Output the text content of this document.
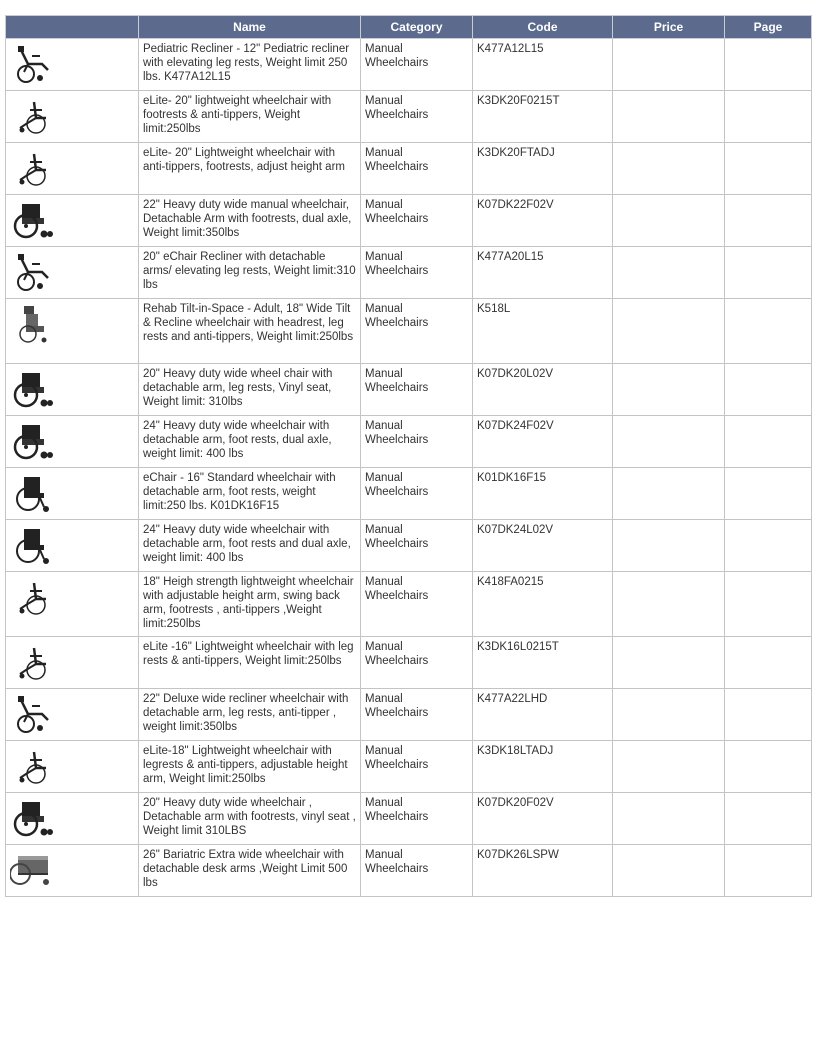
	Name	Category	Code	Price	Page

	Pediatric Recliner - 12" Pediatric recliner with elevating leg rests, Weight limit 250 lbs. K477A12L15	Manual Wheelchairs	K477A12L15		

	eLite- 20" lightweight wheelchair with footrests & anti-tippers, Weight limit:250lbs	Manual Wheelchairs	K3DK20F0215T		

	eLite- 20" Lightweight wheelchair with anti-tippers, footrests, adjust height arm	Manual Wheelchairs	K3DK20FTADJ		

	22" Heavy duty wide manual wheelchair, Detachable Arm with footrests, dual axle, Weight limit:350lbs	Manual Wheelchairs	K07DK22F02V		

	20" eChair Recliner with detachable arms/ elevating leg rests, Weight limit:310 lbs	Manual Wheelchairs	K477A20L15		

	Rehab Tilt-in-Space - Adult, 18" Wide Tilt & Recline wheelchair with headrest, leg rests and anti-tippers, Weight limit:250lbs	Manual Wheelchairs	K518L		

	20" Heavy duty wide wheel chair with detachable arm, leg rests, Vinyl seat, Weight limit: 310lbs	Manual Wheelchairs	K07DK20L02V		

	24" Heavy duty wide wheelchair with detachable arm, foot rests, dual axle, weight limit: 400 lbs	Manual Wheelchairs	K07DK24F02V		

	eChair - 16" Standard wheelchair with detachable arm, foot rests, weight limit:250 lbs. K01DK16F15	Manual Wheelchairs	K01DK16F15		

	24" Heavy duty wide wheelchair with detachable arm, foot rests and dual axle, weight limit: 400 lbs	Manual Wheelchairs	K07DK24L02V		

	18" Heigh strength lightweight wheelchair with adjustable height arm, swing back arm, footrests , anti-tippers ,Weight limit:250lbs	Manual Wheelchairs	K418FA0215		

	eLite -16" Lightweight wheelchair with leg rests & anti-tippers, Weight limit:250lbs	Manual Wheelchairs	K3DK16L0215T		

	22" Deluxe wide recliner wheelchair with detachable arm, leg rests, anti-tipper , weight limit:350lbs	Manual Wheelchairs	K477A22LHD		

	eLite-18" Lightweight wheelchair with legrests & anti-tippers, adjustable height arm, Weight limit:250lbs	Manual Wheelchairs	K3DK18LTADJ		

	20" Heavy duty wide wheelchair , Detachable arm with footrests, vinyl seat , Weight limit 310LBS	Manual Wheelchairs	K07DK20F02V		

	26" Bariatric Extra wide wheelchair with detachable desk arms ,Weight Limit 500 lbs	Manual Wheelchairs	K07DK26LSPW		
